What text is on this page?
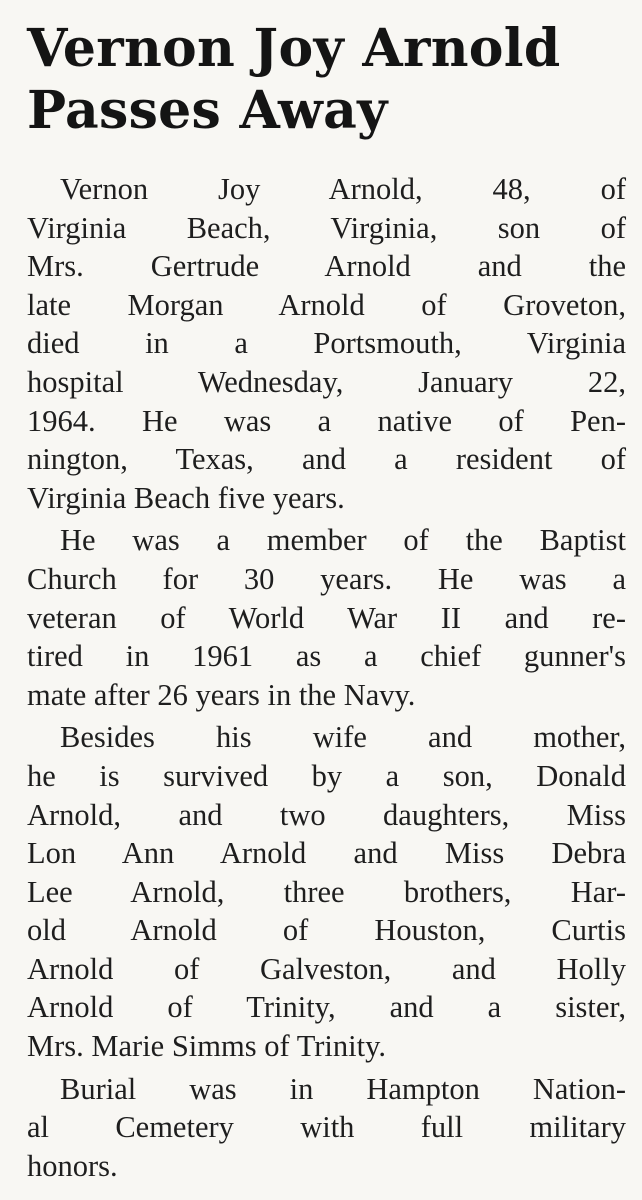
Vernon Joy Arnold
Passes Away

Vernon Joy Arnold, 48, of
Virginia Beach, Virginia, son of
Mrs. Gertrude Arnold and the
late Morgan Arnold of Groveton,
died in a Portsmouth, Virginia
hospital Wednesday, January 22,
1964. He was a native of Pen-
nington, Texas, and a resident of
Virginia Beach five years.

He was a member of the Baptist
Church for 30 years. He was a
veteran of World War II and re-
tired in 1961 as a chief gunner's
mate after 26 years in the Navy.

Besides his wife and mother,
he is survived by a son, Donald
Arnold, and two daughters, Miss
Lon Ann Arnold and Miss Debra
Lee Arnold, three brothers, Har-
old Arnold of Houston, Curtis
Arnold of Galveston, and Holly
Arnold of Trinity, and a sister,
Mrs. Marie Simms of Trinity.

Burial was in Hampton Nation-
al Cemetery with full military
honors.
